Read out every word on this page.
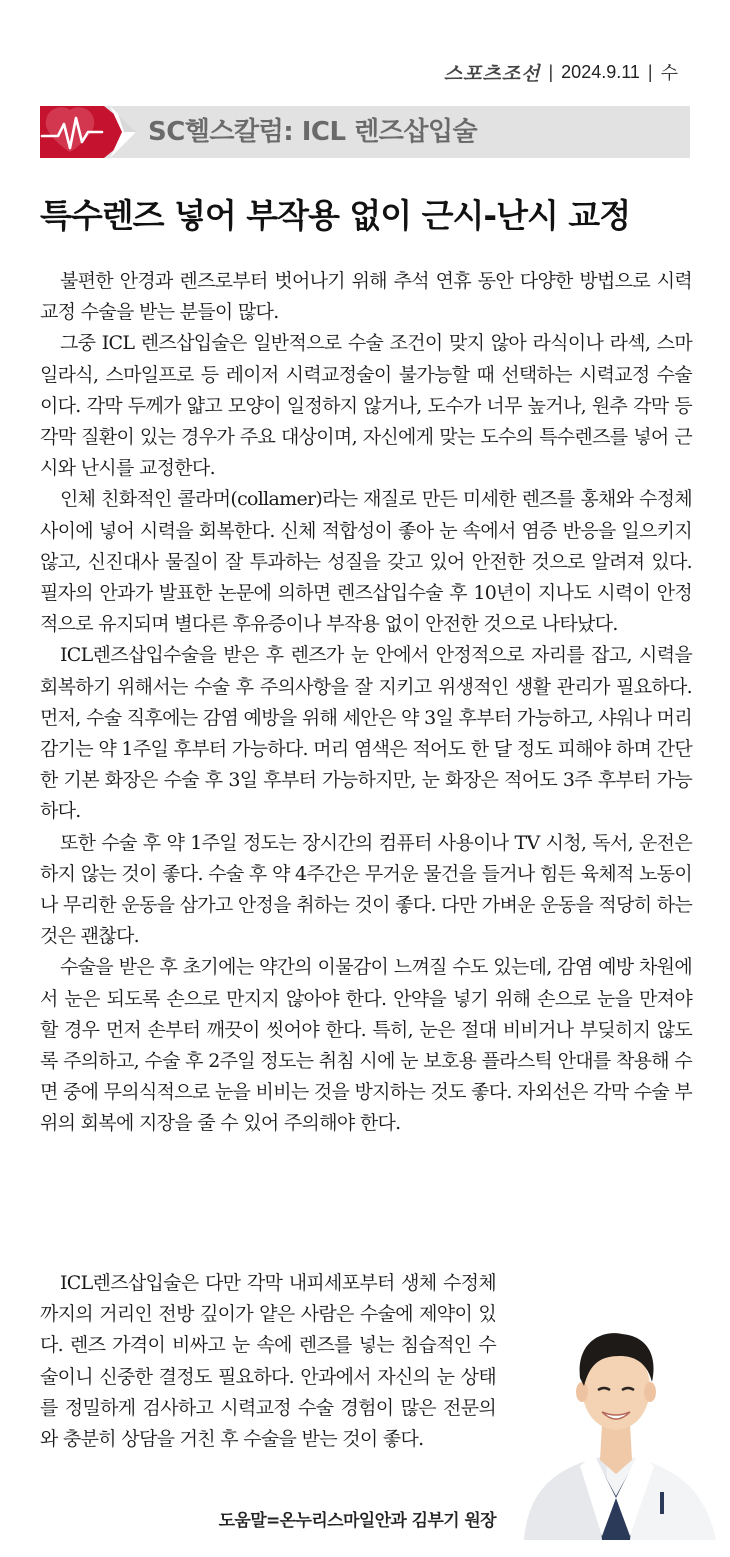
스포츠조선 | 2024.9.11 | 수
SC헬스칼럼: ICL 렌즈삽입술
특수렌즈 넣어 부작용 없이 근시-난시 교정

불편한 안경과 렌즈로부터 벗어나기 위해 추석 연휴 동안 다양한 방법으로 시력교정 수술을 받는 분들이 많다.

그중 ICL 렌즈삽입술은 일반적으로 수술 조건이 맞지 않아 라식이나 라섹, 스마일라식, 스마일프로 등 레이저 시력교정술이 불가능할 때 선택하는 시력교정 수술이다. 각막 두께가 얇고 모양이 일정하지 않거나, 도수가 너무 높거나, 원추 각막 등 각막 질환이 있는 경우가 주요 대상이며, 자신에게 맞는 도수의 특수렌즈를 넣어 근시와 난시를 교정한다.

인체 친화적인 콜라머(collamer)라는 재질로 만든 미세한 렌즈를 홍채와 수정체 사이에 넣어 시력을 회복한다. 신체 적합성이 좋아 눈 속에서 염증 반응을 일으키지 않고, 신진대사 물질이 잘 투과하는 성질을 갖고 있어 안전한 것으로 알려져 있다. 필자의 안과가 발표한 논문에 의하면 렌즈삽입수술 후 10년이 지나도 시력이 안정적으로 유지되며 별다른 후유증이나 부작용 없이 안전한 것으로 나타났다.

ICL렌즈삽입수술을 받은 후 렌즈가 눈 안에서 안정적으로 자리를 잡고, 시력을 회복하기 위해서는 수술 후 주의사항을 잘 지키고 위생적인 생활 관리가 필요하다. 먼저, 수술 직후에는 감염 예방을 위해 세안은 약 3일 후부터 가능하고, 샤워나 머리 감기는 약 1주일 후부터 가능하다. 머리 염색은 적어도 한 달 정도 피해야 하며 간단한 기본 화장은 수술 후 3일 후부터 가능하지만, 눈 화장은 적어도 3주 후부터 가능하다.

또한 수술 후 약 1주일 정도는 장시간의 컴퓨터 사용이나 TV 시청, 독서, 운전은 하지 않는 것이 좋다. 수술 후 약 4주간은 무거운 물건을 들거나 힘든 육체적 노동이나 무리한 운동을 삼가고 안정을 취하는 것이 좋다. 다만 가벼운 운동을 적당히 하는 것은 괜찮다.

수술을 받은 후 초기에는 약간의 이물감이 느껴질 수도 있는데, 감염 예방 차원에서 눈은 되도록 손으로 만지지 않아야 한다. 안약을 넣기 위해 손으로 눈을 만져야 할 경우 먼저 손부터 깨끗이 씻어야 한다. 특히, 눈은 절대 비비거나 부딪히지 않도록 주의하고, 수술 후 2주일 정도는 취침 시에 눈 보호용 플라스틱 안대를 착용해 수면 중에 무의식적으로 눈을 비비는 것을 방지하는 것도 좋다. 자외선은 각막 수술 부위의 회복에 지장을 줄 수 있어 주의해야 한다.

ICL렌즈삽입술은 다만 각막 내피세포부터 생체 수정체까지의 거리인 전방 깊이가 얕은 사람은 수술에 제약이 있다. 렌즈 가격이 비싸고 눈 속에 렌즈를 넣는 침습적인 수술이니 신중한 결정도 필요하다. 안과에서 자신의 눈 상태를 정밀하게 검사하고 시력교정 수술 경험이 많은 전문의와 충분히 상담을 거친 후 수술을 받는 것이 좋다.

도움말=온누리스마일안과 김부기 원장
